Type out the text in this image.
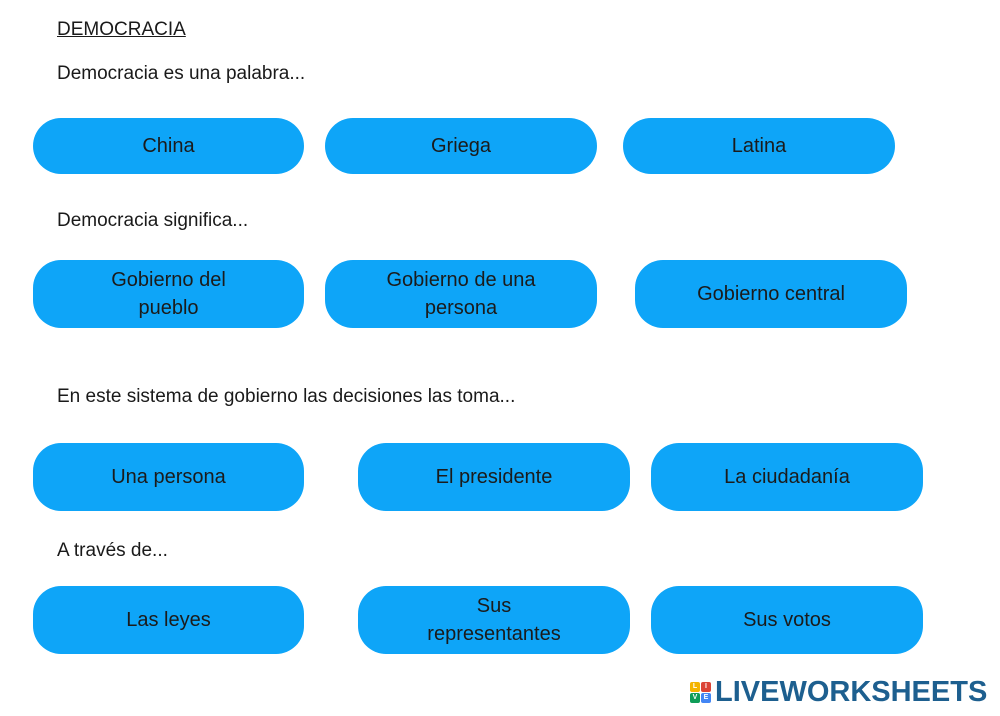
DEMOCRACIA
Democracia es una palabra...
China	Griega	Latina
Democracia significa...
Gobierno del pueblo
Gobierno de una persona
Gobierno central
En este sistema de gobierno las decisiones las toma...
Una persona	El presidente	La ciudadanía
A través de...
Las leyes
Sus representantes
Sus votos
L	I
V E LIVEWORKSHEETS
